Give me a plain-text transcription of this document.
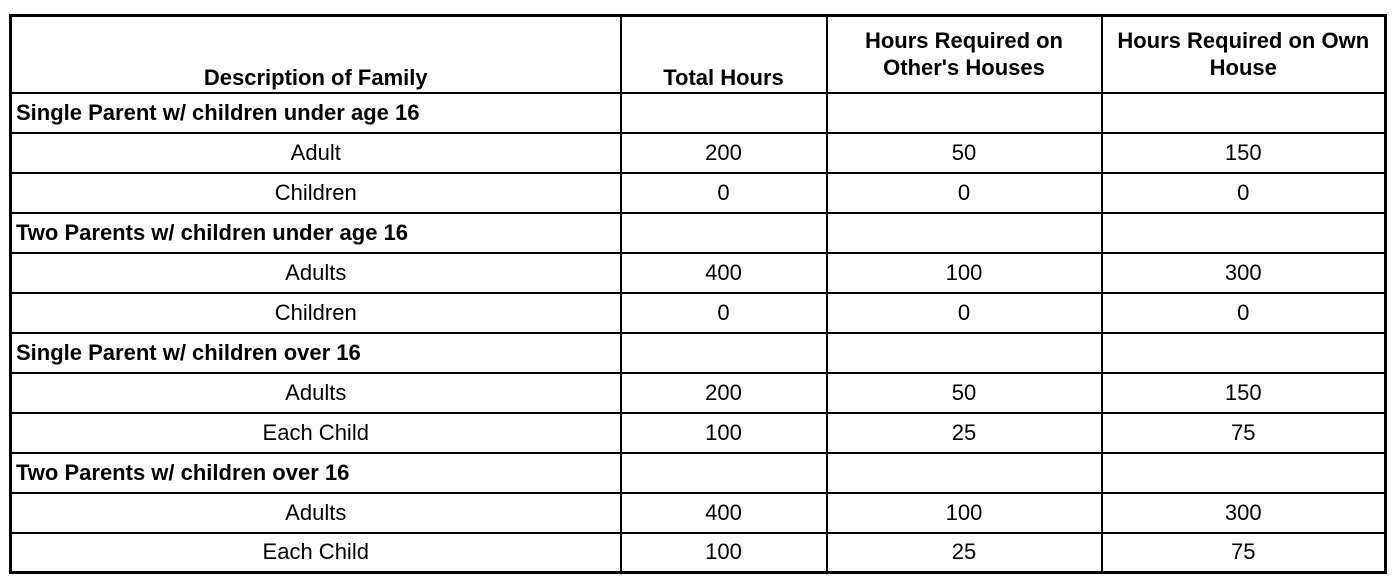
Description of Family	Total Hours	Hours Required on Other's Houses	Hours Required on Own House
Single Parent w/ children under age 16			
Adult	200	50	150
Children	0	0	0
Two Parents w/ children under age 16			
Adults	400	100	300
Children	0	0	0
Single Parent w/ children over 16			
Adults	200	50	150
Each Child	100	25	75
Two Parents w/ children over 16			
Adults	400	100	300
Each Child	100	25	75
